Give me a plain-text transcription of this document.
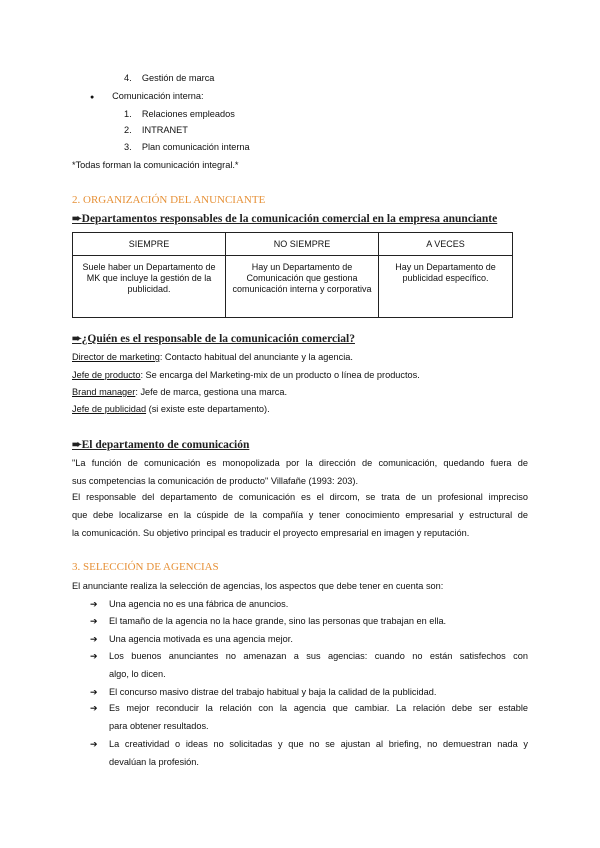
4. Gestión de marca
● Comunicación interna:
1. Relaciones empleados
2. INTRANET
3. Plan comunicación interna
*Todas forman la comunicación integral.*
2. ORGANIZACIÓN DEL ANUNCIANTE
➨Departamentos responsables de la comunicación comercial en la empresa anunciante
SIEMPRE	NO SIEMPRE	A VECES
Suele haber un Departamento de MK que incluye la gestión de la publicidad.	Hay un Departamento de Comunicación que gestiona comunicación interna y corporativa	Hay un Departamento de publicidad específico.
➨¿Quién es el responsable de la comunicación comercial?
Director de marketing: Contacto habitual del anunciante y la agencia.
Jefe de producto: Se encarga del Marketing-mix de un producto o línea de productos.
Brand manager: Jefe de marca, gestiona una marca.
Jefe de publicidad (si existe este departamento).
➨El departamento de comunicación
"La función de comunicación es monopolizada por la dirección de comunicación, quedando fuera de
sus competencias la comunicación de producto" Villafañe (1993: 203).
El responsable del departamento de comunicación es el dircom, se trata de un profesional impreciso
que debe localizarse en la cúspide de la compañía y tener conocimiento empresarial y estructural de
la comunicación. Su objetivo principal es traducir el proyecto empresarial en imagen y reputación.
3. SELECCIÓN DE AGENCIAS
El anunciante realiza la selección de agencias, los aspectos que debe tener en cuenta son:
➔ Una agencia no es una fábrica de anuncios.
➔ El tamaño de la agencia no la hace grande, sino las personas que trabajan en ella.
➔ Una agencia motivada es una agencia mejor.
➔ Los buenos anunciantes no amenazan a sus agencias: cuando no están satisfechos con
algo, lo dicen.
➔ El concurso masivo distrae del trabajo habitual y baja la calidad de la publicidad.
➔ Es mejor reconducir la relación con la agencia que cambiar. La relación debe ser estable
para obtener resultados.
➔ La creatividad o ideas no solicitadas y que no se ajustan al briefing, no demuestran nada y
devalúan la profesión.
